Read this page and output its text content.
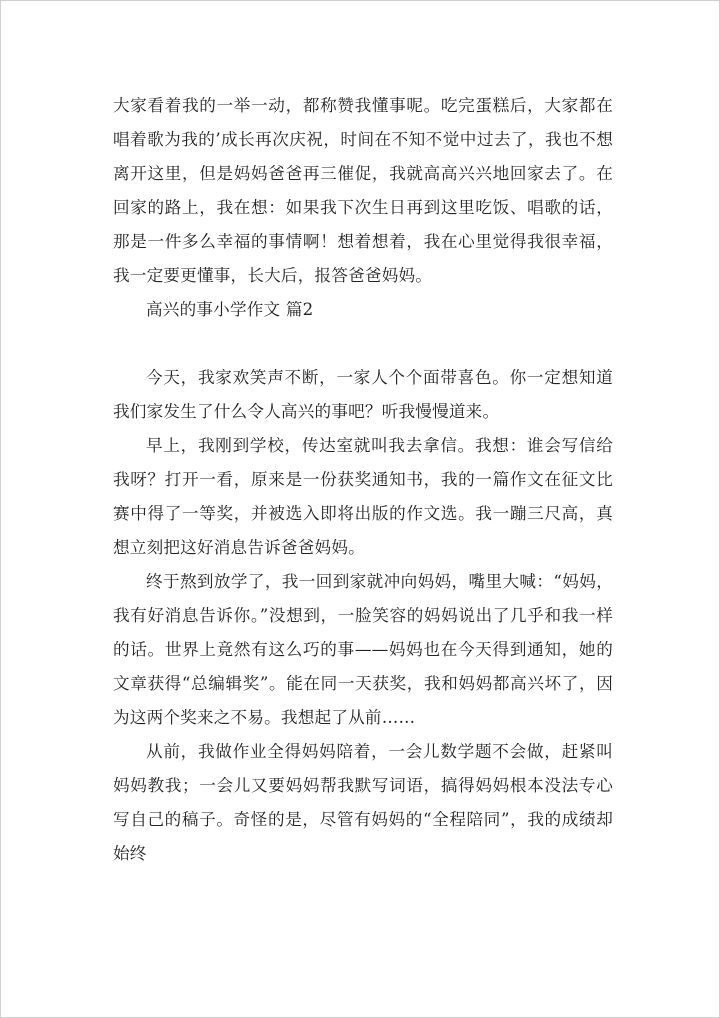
大家看着我的一举一动，都称赞我懂事呢。吃完蛋糕后，大家都在唱着歌为我的’成长再次庆祝，时间在不知不觉中过去了，我也不想离开这里，但是妈妈爸爸再三催促，我就高高兴兴地回家去了。在回家的路上，我在想：如果我下次生日再到这里吃饭、唱歌的话，那是一件多么幸福的事情啊！想着想着，我在心里觉得我很幸福，我一定要更懂事，长大后，报答爸爸妈妈。

高兴的事小学作文 篇2

今天，我家欢笑声不断，一家人个个面带喜色。你一定想知道我们家发生了什么令人高兴的事吧？听我慢慢道来。

早上，我刚到学校，传达室就叫我去拿信。我想：谁会写信给我呀？打开一看，原来是一份获奖通知书，我的一篇作文在征文比赛中得了一等奖，并被选入即将出版的作文选。我一蹦三尺高，真想立刻把这好消息告诉爸爸妈妈。

终于熬到放学了，我一回到家就冲向妈妈，嘴里大喊：“妈妈，我有好消息告诉你。”没想到，一脸笑容的妈妈说出了几乎和我一样的话。世界上竟然有这么巧的事——妈妈也在今天得到通知，她的文章获得“总编辑奖”。能在同一天获奖，我和妈妈都高兴坏了，因为这两个奖来之不易。我想起了从前……

从前，我做作业全得妈妈陪着，一会儿数学题不会做，赶紧叫妈妈教我；一会儿又要妈妈帮我默写词语，搞得妈妈根本没法专心写自己的稿子。奇怪的是，尽管有妈妈的“全程陪同”，我的成绩却始终
